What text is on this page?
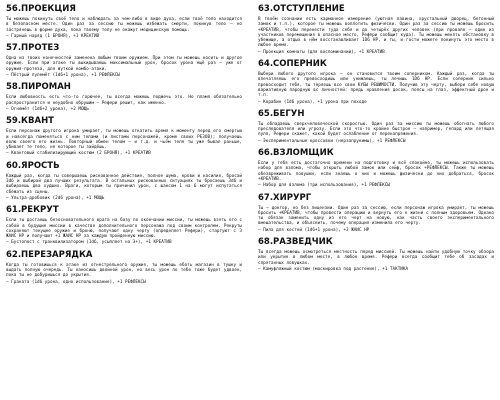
56.ПРОЕКЦИЯ
Ты можешь покинуть своё тело и наблюдать за чем-либо в виде духа, если твоё тело находится в безопасном месте. Один раз за сессию ты можешь избежать смерти, покинув тело — но застрянешь в форме духа, пока твоему телу не окажут медицинскую помощь.
– Гарный наряд (1 БРОНЯ), +1 КРЕАТИВ
57.ПРОТЕЗ
Одна из твоих конечностей заменена любым твоим оружием. При этом ты можешь носить и другое оружие. Если при атаке ты выкидываешь максимальный урон, бросок урона ещё раз — уже от оружия-протеза, для жуткой комбо-атаки.
– Пёстрый пулемёт (1d6+1 урона), +1 РЕФЛЕКСЫ
58.ПИРОМАН
Если любовность есть что-то горючее, ты всегда можешь поджечь это. Но пламя обязательно распространится и неудобно обрушим — Рефери решит, как именно.
– Огнемёт (1d6+2 урона), +2 МОЩЬ
59.КВАНТ
Если персонаж другого игрока умирает, ты можешь откатить время к моменту перед его смертью и навсегда поменяться с ним телами (и листами персонажей, кроме своих РЕЗОВ); получаешь волю своего его жизнь. Повторный обмен телом — и т.д. и чьём теле ты уже бывал раньше, убивает те тело, не которое ты зайдёшь.
– Квантовый стабилизирующий костюм (2 БРОНЯ), +1 КРЕАТИВ
60.ЯРОСТЬ
Каждый раз, когда ты совершаешь рискованное действие, полное шума, крови и насилия, бросай 3d6 и выбирай два лучших результата. В остальных рискованных ситуациях ты бросаешь 3d6 и выбираешь два худших. Враги, которым ты причинил урон, с шансом 1 на 6 могут испугаться сбежать из сцены.
– Ультра-дробовик (2d6 урона), +1 МОЩЬ
61.РЕКРУТ
Если ты достаешь безосновательного врага на базу по окончании миссии, ты можешь взять его с собой в будущие миссии в качестве дополнительного персонажа под своим контролем. Рекруты сохраняют текущее оружие и броню, получают одну черту (определяет Рефери), стартуют с 3 ЖАИС HP и получают +1 ЖАИС HP за каждую пройденную миссию.
– Бустопост с транквилизатором (1d6, усыпляет на 3+), +1 КРЕАТИВ
62.ПЕРЕЗАРЯДКА
Когда ты готовишься к атаке из огнестрельного оружия, ты можешь ебать магазин в тушку и выдать полную очередь. Ты наносишь двойной урон, но весь урон по тебе тоже будет удвоен, пока ты не добуришься до укрытия.
– Граната (1d6 урона, одно использование), +1 РЕФЛЕКСЫ
63.ОТСТУПЛЕНИЕ
В твоём сознании есть карманное измерение (уютная лавина, хрустальный дворец, бетонный замок и т.п.), которое ты можешь воплотить физически. Один раз за сессию ты можешь бросить +КРЕАТИВ, чтобы перенести туда себя и до четырёх других человек (при провале — один из участников перемещения в опасное место, Рефери сообщит куда). Ты можешь менять обстановку в убежище, а отдых в нём восстанавливает 1D6 HP, и ты, и гости можете покинуть это место в любое время.
– Проекция комнаты (для воспоминаний), +1 КРЕАТИВ
64.СОПЕРНИК
Выбери любого другого игрока — он становится твоим соперником. Каждый раз, когда ты впечатляешь его превосходишь или унижаешь, ты лечишь 1D6 HP. Если соперник сильно превосходит тебя, ты теряешь все свои КУБЫ РЕШИМОСТИ. Получив эту черту, выбери себе новую вариативную пародную вс личностей: предь нравления досок, поясы на глаз, эффектный дрон и т.п.
– Корабин (1d6 урона), +1 урона при походе
65.БЕГУН
Ты обладаешь сверхчеловеческой скоростью. Один раз за миссию ты можешь обогнать любого преследователя или угрозу. Если это что-то крайне быстрое — например, гепард или летящая пуля, Рефери скажет, какой будет ослабление от перенапряжения.
– Экспериментальные кроссовки (нерзапрукимы), +1 РЕФЛЕКСЫ
66.ВЗЛОМЩИК
Если у тебя есть достаточно времени на подготовку и всё спокойно, ты можешь использовать набор для взлома, чтобы открыть любой замок или сейф, бросок +РЕФЛЕКСЫ. Также ты можешь обезвреживать ловушки, если знаешь о них и можешь физически до них добраться, бросок +КРЕАТИВ.
– Набор для взлома (три использования), +1 РЕФЛЕКСЫ
67.ХИРУРГ
Ты — доктор, но без лицензии. Один раз за сессию, если персонаж игрока умирает, ты можешь бросить +КРЕАТИВ, чтобы провести операцию и вернуть его к жизни с полным здоровьем. Однако ты обязан заменить одну из его черт на новую, как часть своего экспериментального вмешательства, и объяснить, почему операция изменила его черту.
– Пила для костей (1d6+1 урона), +3 ЖАИС HP
68.РАЗВЕДЧИК
Ты всегда можешь осмотреться местность перед миссией. Ты можешь найти удобную точку обзора или укрытие в любом месте, в любое время. Рефери всегда сообщит тебе об засадах и спрятанных ловушках.
– Камуфляжный костюм (маскировка под растение), +1 ТАКТИКА
